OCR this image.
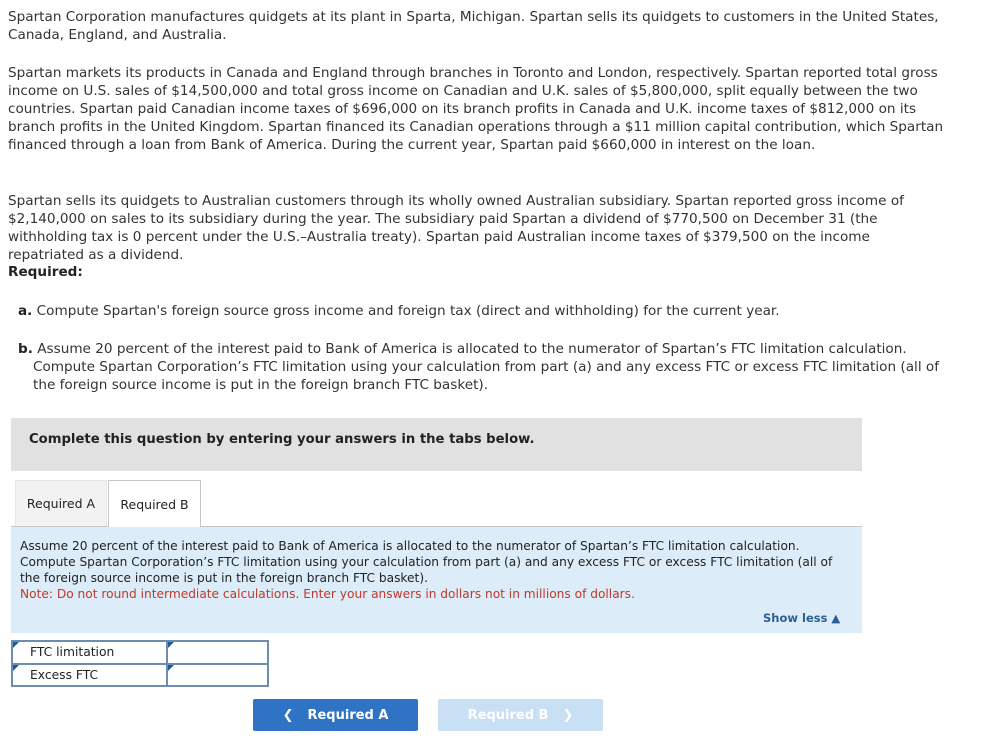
Spartan Corporation manufactures quidgets at its plant in Sparta, Michigan. Spartan sells its quidgets to customers in the United States, Canada, England, and Australia.

Spartan markets its products in Canada and England through branches in Toronto and London, respectively. Spartan reported total gross income on U.S. sales of $14,500,000 and total gross income on Canadian and U.K. sales of $5,800,000, split equally between the two countries. Spartan paid Canadian income taxes of $696,000 on its branch profits in Canada and U.K. income taxes of $812,000 on its branch profits in the United Kingdom. Spartan financed its Canadian operations through a $11 million capital contribution, which Spartan financed through a loan from Bank of America. During the current year, Spartan paid $660,000 in interest on the loan.

Spartan sells its quidgets to Australian customers through its wholly owned Australian subsidiary. Spartan reported gross income of $2,140,000 on sales to its subsidiary during the year. The subsidiary paid Spartan a dividend of $770,500 on December 31 (the withholding tax is 0 percent under the U.S.–Australia treaty). Spartan paid Australian income taxes of $379,500 on the income repatriated as a dividend.

Required:
a. Compute Spartan's foreign source gross income and foreign tax (direct and withholding) for the current year.
b. Assume 20 percent of the interest paid to Bank of America is allocated to the numerator of Spartan’s FTC limitation calculation. Compute Spartan Corporation’s FTC limitation using your calculation from part (a) and any excess FTC or excess FTC limitation (all of the foreign source income is put in the foreign branch FTC basket).
Complete this question by entering your answers in the tabs below.
Required A	Required B
Assume 20 percent of the interest paid to Bank of America is allocated to the numerator of Spartan’s FTC limitation calculation. Compute Spartan Corporation’s FTC limitation using your calculation from part (a) and any excess FTC or excess FTC limitation (all of the foreign source income is put in the foreign branch FTC basket).
Note: Do not round intermediate calculations. Enter your answers in dollars not in millions of dollars.
Show less ▲
FTC limitation	

Excess FTC	
❮ Required A	Required B ❯
